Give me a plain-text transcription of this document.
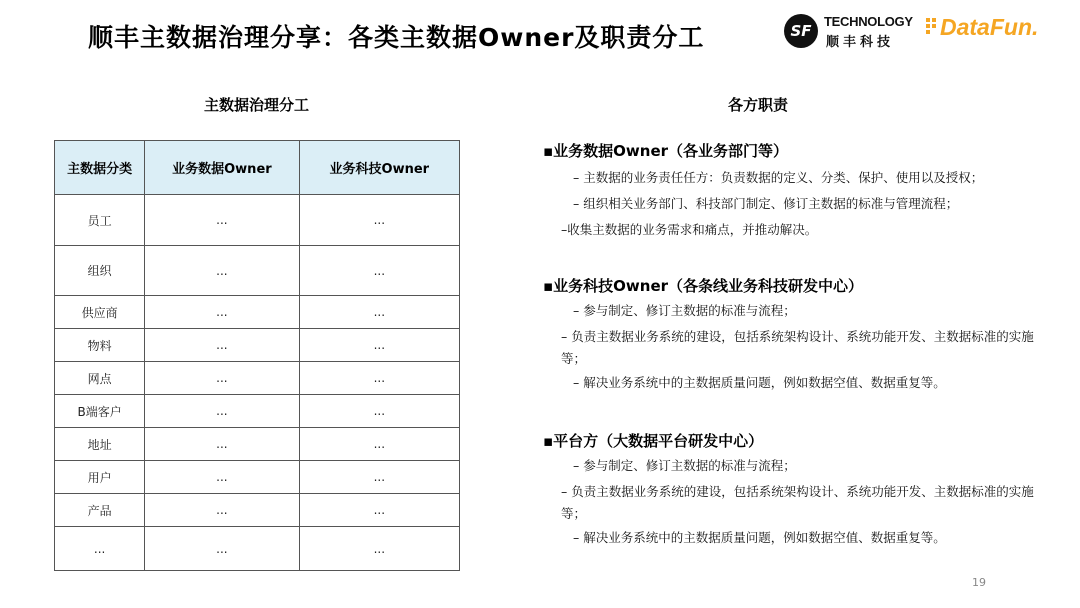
顺丰主数据治理分享：各类主数据Owner及职责分工	SF
TECHNOLOGY
顺丰科技
DataFun.
主数据治理分工	各方职责
主数据分类	业务数据Owner	业务科技Owner
员工	...	...
组织	...	...
供应商	...	...
物料	...	...
网点	...	...
B端客户	...	...
地址	...	...
用户	...	...
产品	...	...
...	...	...
▪业务数据Owner（各业务部门等）
– 主数据的业务责任任方：负责数据的定义、分类、保护、使用以及授权；
– 组织相关业务部门、科技部门制定、修订主数据的标准与管理流程；
–收集主数据的业务需求和痛点，并推动解决。
▪业务科技Owner（各条线业务科技研发中心）
– 参与制定、修订主数据的标准与流程；
– 负责主数据业务系统的建设，包括系统架构设计、系统功能开发、主数据标准的实施等；
– 解决业务系统中的主数据质量问题，例如数据空值、数据重复等。
▪平台方（大数据平台研发中心）
– 参与制定、修订主数据的标准与流程；
– 负责主数据业务系统的建设，包括系统架构设计、系统功能开发、主数据标准的实施等；
– 解决业务系统中的主数据质量问题，例如数据空值、数据重复等。
19
